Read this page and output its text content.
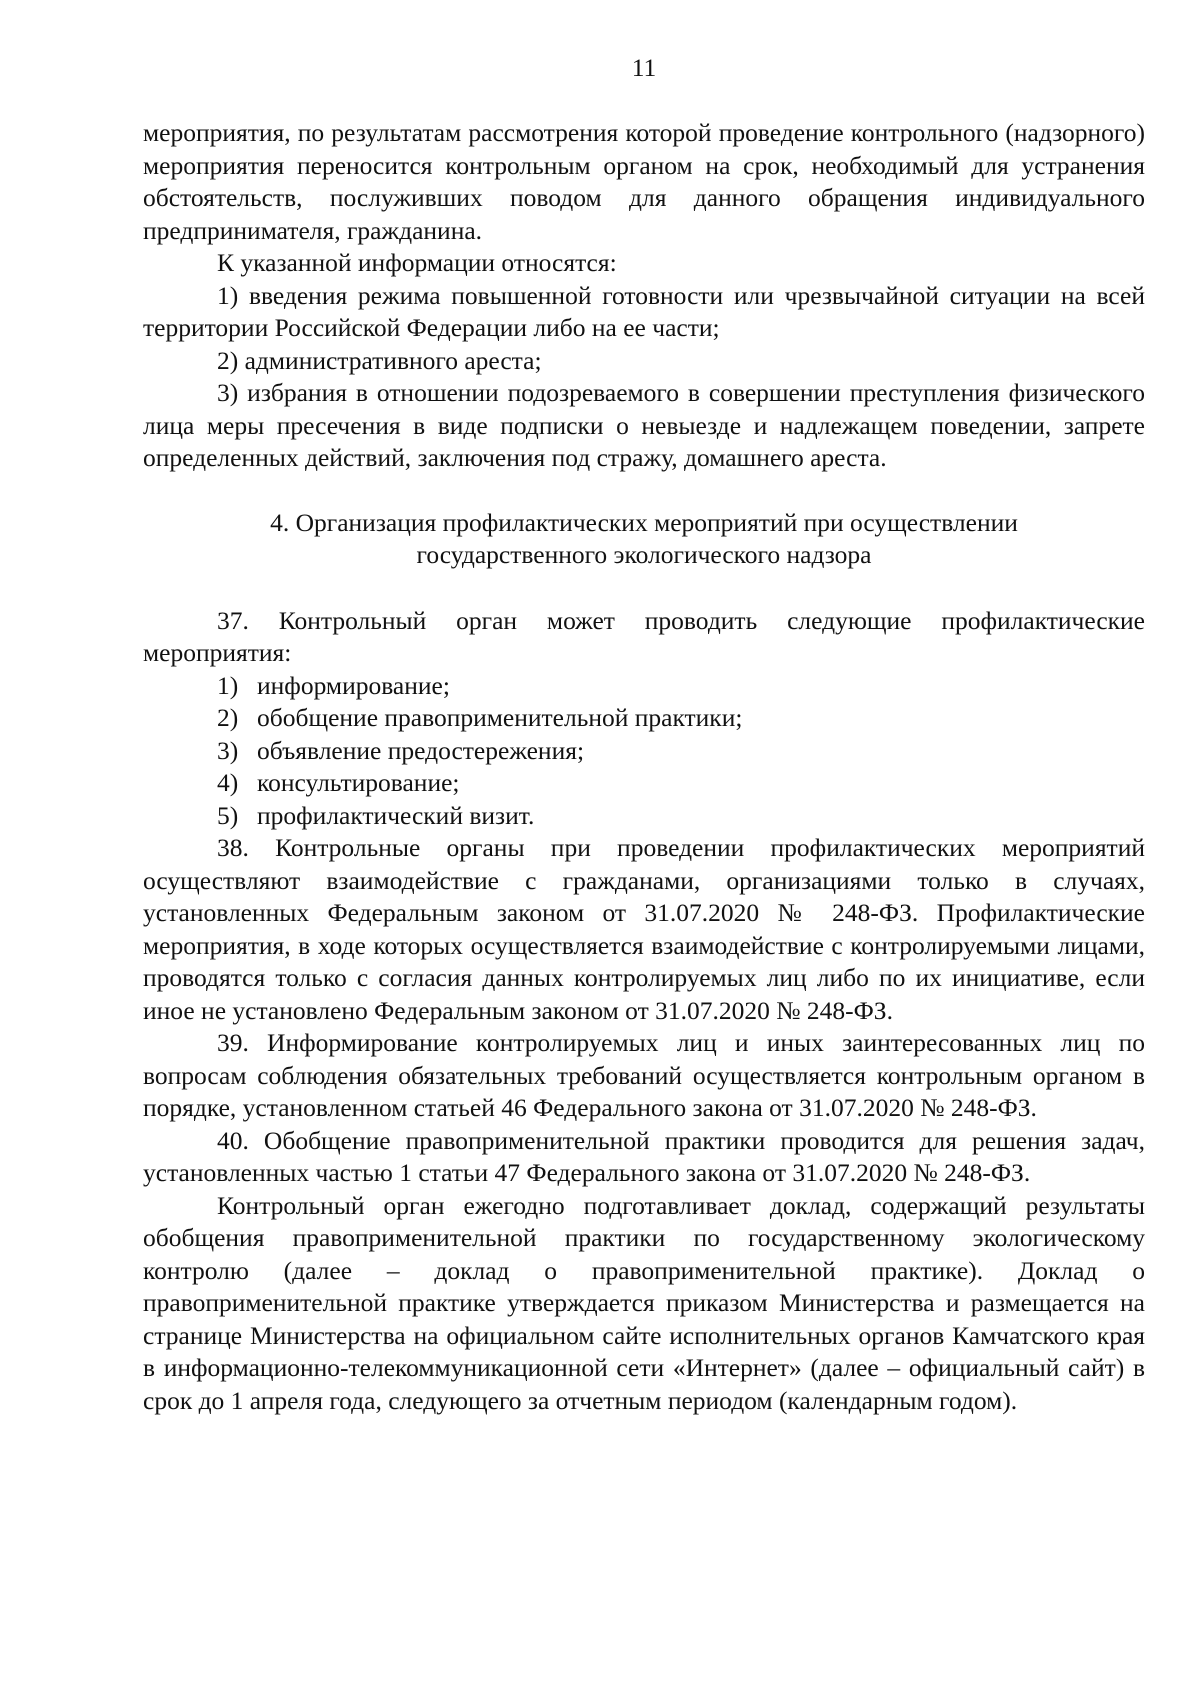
11

мероприятия, по результатам рассмотрения которой проведение контрольного (надзорного) мероприятия переносится контрольным органом на срок, необходимый для устранения обстоятельств, послуживших поводом для данного обращения индивидуального предпринимателя, гражданина.

К указанной информации относятся:

1) введения режима повышенной готовности или чрезвычайной ситуации на всей территории Российской Федерации либо на ее части;

2) административного ареста;

3) избрания в отношении подозреваемого в совершении преступления физического лица меры пресечения в виде подписки о невыезде и надлежащем поведении, запрете определенных действий, заключения под стражу, домашнего ареста.

4. Организация профилактических мероприятий при осуществлении
государственного экологического надзора

37. Контрольный орган может проводить следующие профилактические мероприятия:

1) информирование;

2) обобщение правоприменительной практики;

3) объявление предостережения;

4) консультирование;

5) профилактический визит.

38. Контрольные органы при проведении профилактических мероприятий осуществляют взаимодействие с гражданами, организациями только в случаях, установленных Федеральным законом от 31.07.2020 № 248-ФЗ. Профилактические мероприятия, в ходе которых осуществляется взаимодействие с контролируемыми лицами, проводятся только с согласия данных контролируемых лиц либо по их инициативе, если иное не установлено Федеральным законом от 31.07.2020 № 248-ФЗ.

39. Информирование контролируемых лиц и иных заинтересованных лиц по вопросам соблюдения обязательных требований осуществляется контрольным органом в порядке, установленном статьей 46 Федерального закона от 31.07.2020 № 248-ФЗ.

40. Обобщение правоприменительной практики проводится для решения задач, установленных частью 1 статьи 47 Федерального закона от 31.07.2020 № 248-ФЗ.

Контрольный орган ежегодно подготавливает доклад, содержащий результаты обобщения правоприменительной практики по государственному экологическому контролю (далее – доклад о правоприменительной практике). Доклад о правоприменительной практике утверждается приказом Министерства и размещается на странице Министерства на официальном сайте исполнительных органов Камчатского края в информационно-телекоммуникационной сети «Интернет» (далее – официальный сайт) в срок до 1 апреля года, следующего за отчетным периодом (календарным годом).
